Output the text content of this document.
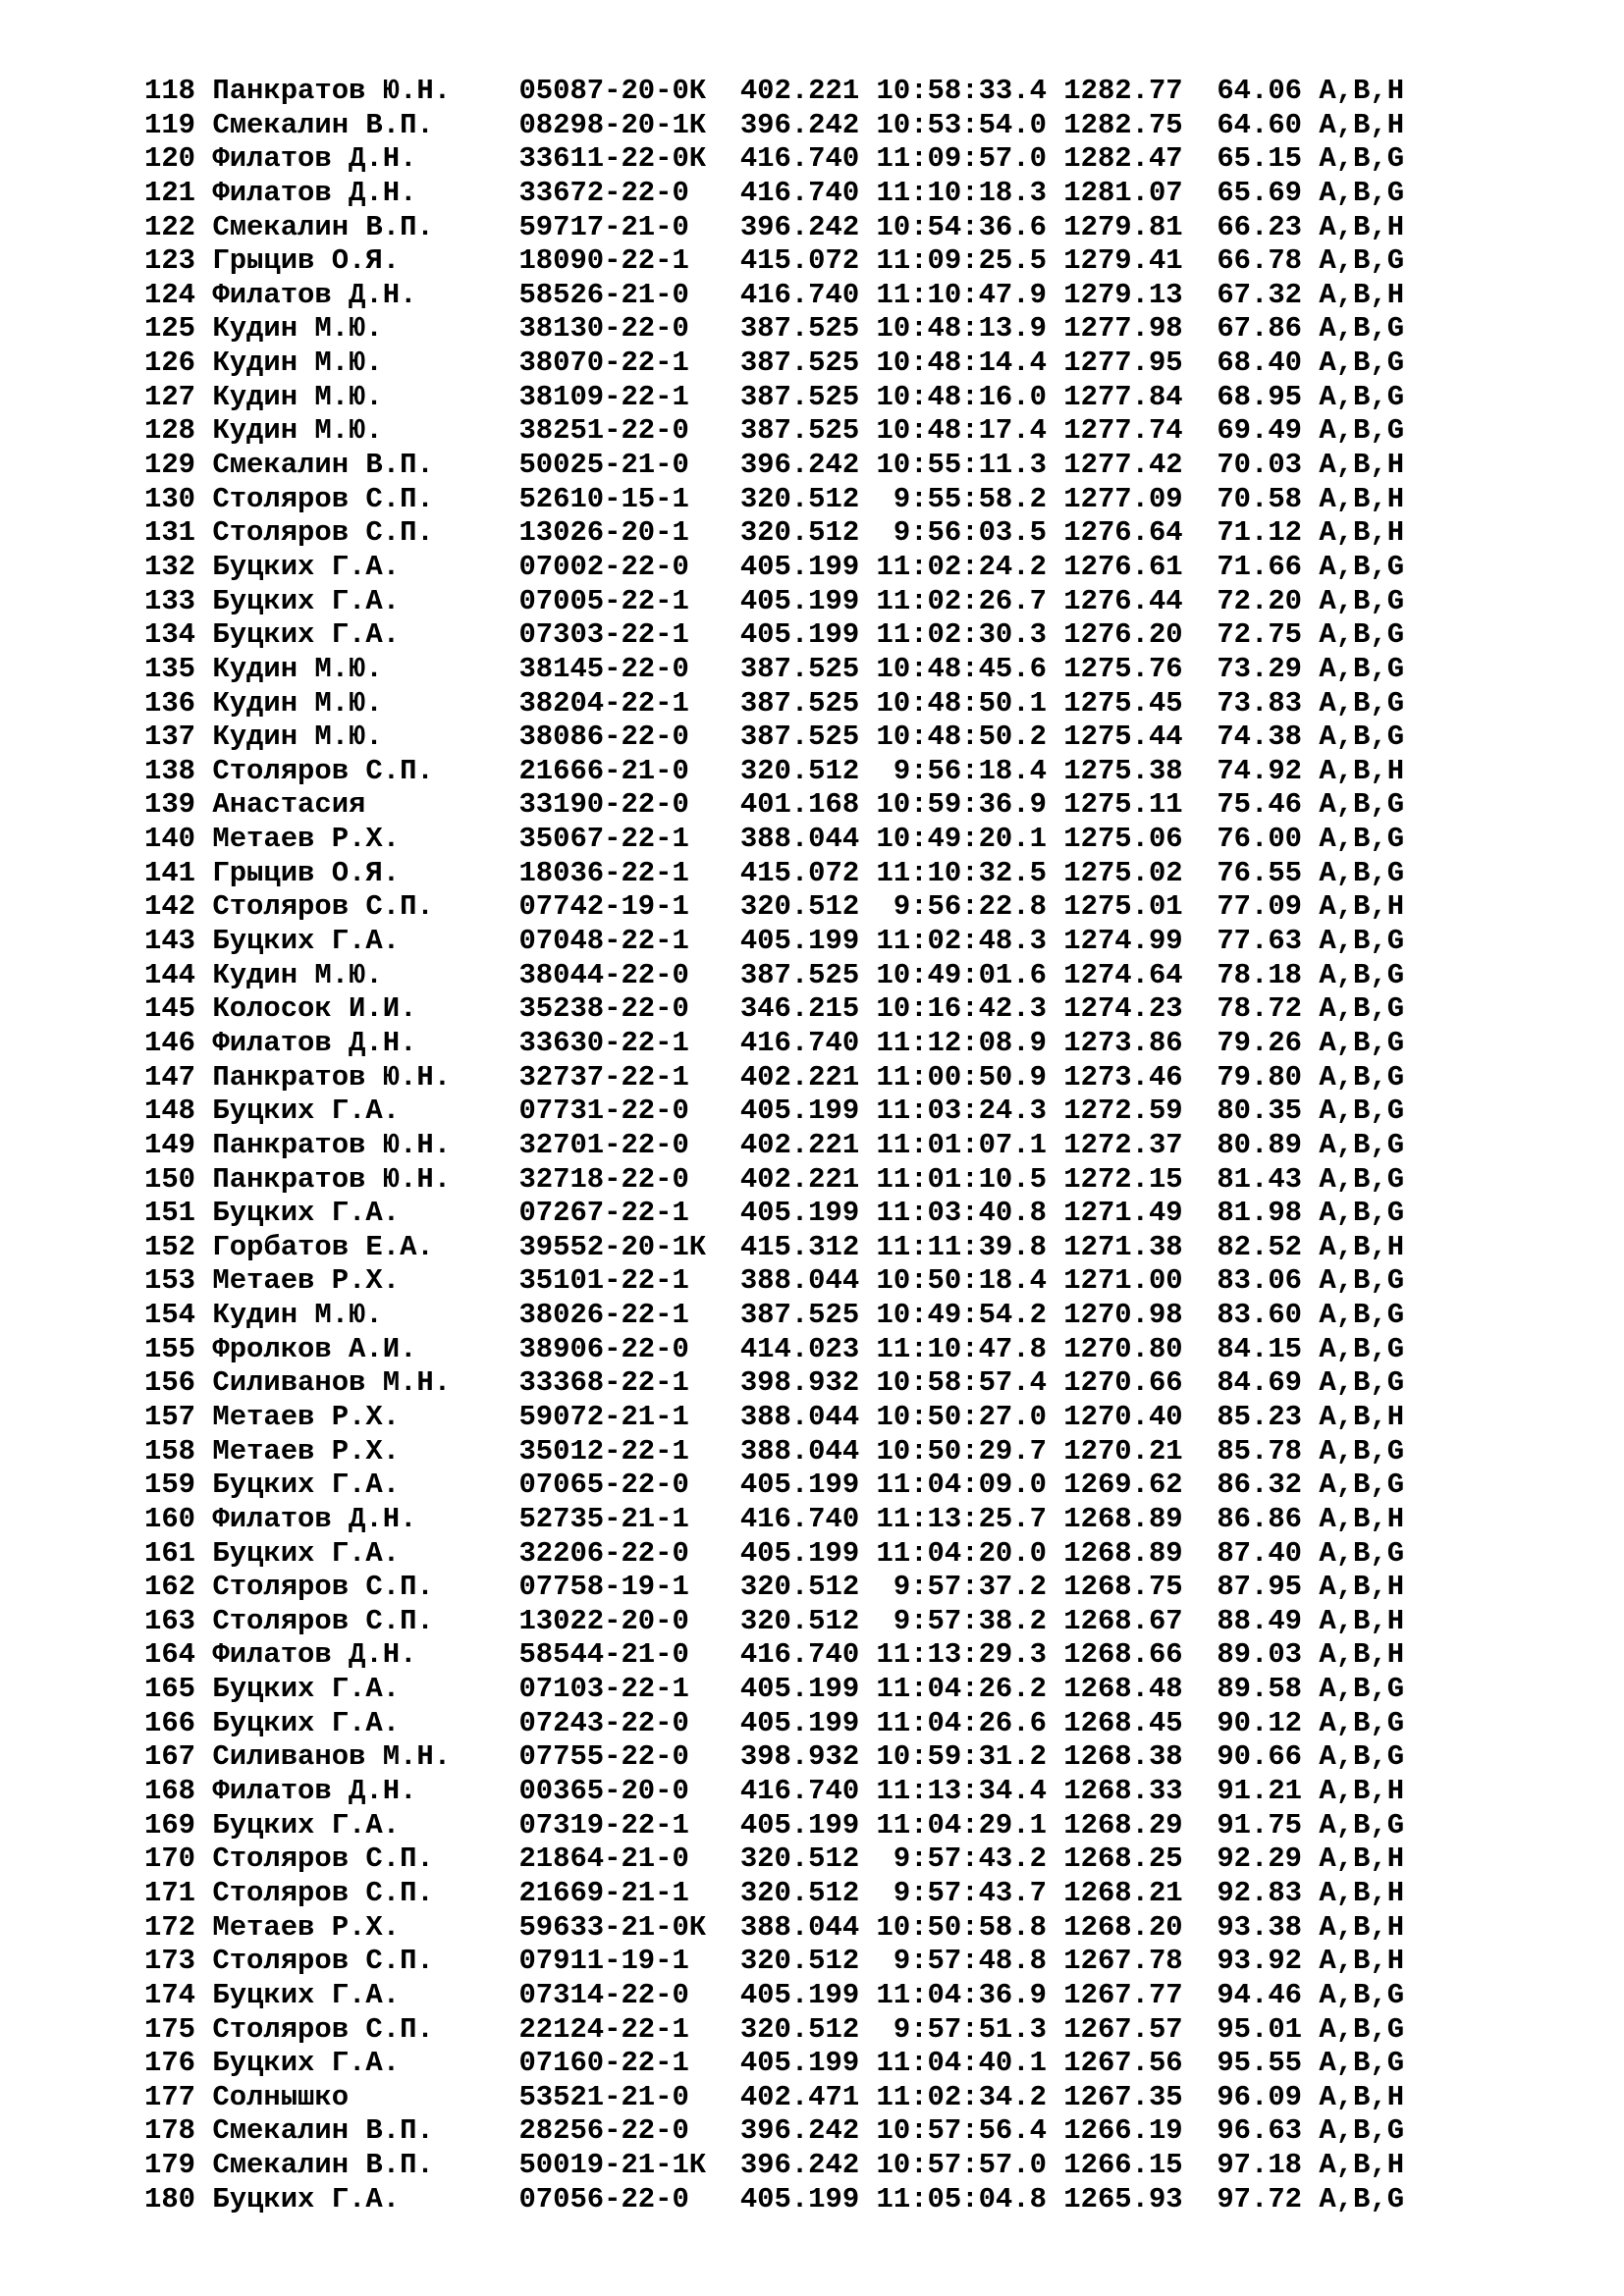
118 Панкратов Ю.Н.    05087-20-0К  402.221 10:58:33.4 1282.77  64.06 A,B,H
119 Смекалин В.П.     08298-20-1К  396.242 10:53:54.0 1282.75  64.60 A,B,H
120 Филатов Д.Н.      33611-22-0К  416.740 11:09:57.0 1282.47  65.15 A,B,G
121 Филатов Д.Н.      33672-22-0   416.740 11:10:18.3 1281.07  65.69 A,B,G
122 Смекалин В.П.     59717-21-0   396.242 10:54:36.6 1279.81  66.23 A,B,H
123 Грыцив О.Я.       18090-22-1   415.072 11:09:25.5 1279.41  66.78 A,B,G
124 Филатов Д.Н.      58526-21-0   416.740 11:10:47.9 1279.13  67.32 A,B,H
125 Кудин М.Ю.        38130-22-0   387.525 10:48:13.9 1277.98  67.86 A,B,G
126 Кудин М.Ю.        38070-22-1   387.525 10:48:14.4 1277.95  68.40 A,B,G
127 Кудин М.Ю.        38109-22-1   387.525 10:48:16.0 1277.84  68.95 A,B,G
128 Кудин М.Ю.        38251-22-0   387.525 10:48:17.4 1277.74  69.49 A,B,G
129 Смекалин В.П.     50025-21-0   396.242 10:55:11.3 1277.42  70.03 A,B,H
130 Столяров С.П.     52610-15-1   320.512  9:55:58.2 1277.09  70.58 A,B,H
131 Столяров С.П.     13026-20-1   320.512  9:56:03.5 1276.64  71.12 A,B,H
132 Буцких Г.А.       07002-22-0   405.199 11:02:24.2 1276.61  71.66 A,B,G
133 Буцких Г.А.       07005-22-1   405.199 11:02:26.7 1276.44  72.20 A,B,G
134 Буцких Г.А.       07303-22-1   405.199 11:02:30.3 1276.20  72.75 A,B,G
135 Кудин М.Ю.        38145-22-0   387.525 10:48:45.6 1275.76  73.29 A,B,G
136 Кудин М.Ю.        38204-22-1   387.525 10:48:50.1 1275.45  73.83 A,B,G
137 Кудин М.Ю.        38086-22-0   387.525 10:48:50.2 1275.44  74.38 A,B,G
138 Столяров С.П.     21666-21-0   320.512  9:56:18.4 1275.38  74.92 A,B,H
139 Анастасия         33190-22-0   401.168 10:59:36.9 1275.11  75.46 A,B,G
140 Метаев Р.Х.       35067-22-1   388.044 10:49:20.1 1275.06  76.00 A,B,G
141 Грыцив О.Я.       18036-22-1   415.072 11:10:32.5 1275.02  76.55 A,B,G
142 Столяров С.П.     07742-19-1   320.512  9:56:22.8 1275.01  77.09 A,B,H
143 Буцких Г.А.       07048-22-1   405.199 11:02:48.3 1274.99  77.63 A,B,G
144 Кудин М.Ю.        38044-22-0   387.525 10:49:01.6 1274.64  78.18 A,B,G
145 Колосок И.И.      35238-22-0   346.215 10:16:42.3 1274.23  78.72 A,B,G
146 Филатов Д.Н.      33630-22-1   416.740 11:12:08.9 1273.86  79.26 A,B,G
147 Панкратов Ю.Н.    32737-22-1   402.221 11:00:50.9 1273.46  79.80 A,B,G
148 Буцких Г.А.       07731-22-0   405.199 11:03:24.3 1272.59  80.35 A,B,G
149 Панкратов Ю.Н.    32701-22-0   402.221 11:01:07.1 1272.37  80.89 A,B,G
150 Панкратов Ю.Н.    32718-22-0   402.221 11:01:10.5 1272.15  81.43 A,B,G
151 Буцких Г.А.       07267-22-1   405.199 11:03:40.8 1271.49  81.98 A,B,G
152 Горбатов Е.А.     39552-20-1К  415.312 11:11:39.8 1271.38  82.52 A,B,H
153 Метаев Р.Х.       35101-22-1   388.044 10:50:18.4 1271.00  83.06 A,B,G
154 Кудин М.Ю.        38026-22-1   387.525 10:49:54.2 1270.98  83.60 A,B,G
155 Фролков А.И.      38906-22-0   414.023 11:10:47.8 1270.80  84.15 A,B,G
156 Силиванов М.Н.    33368-22-1   398.932 10:58:57.4 1270.66  84.69 A,B,G
157 Метаев Р.Х.       59072-21-1   388.044 10:50:27.0 1270.40  85.23 A,B,H
158 Метаев Р.Х.       35012-22-1   388.044 10:50:29.7 1270.21  85.78 A,B,G
159 Буцких Г.А.       07065-22-0   405.199 11:04:09.0 1269.62  86.32 A,B,G
160 Филатов Д.Н.      52735-21-1   416.740 11:13:25.7 1268.89  86.86 A,B,H
161 Буцких Г.А.       32206-22-0   405.199 11:04:20.0 1268.89  87.40 A,B,G
162 Столяров С.П.     07758-19-1   320.512  9:57:37.2 1268.75  87.95 A,B,H
163 Столяров С.П.     13022-20-0   320.512  9:57:38.2 1268.67  88.49 A,B,H
164 Филатов Д.Н.      58544-21-0   416.740 11:13:29.3 1268.66  89.03 A,B,H
165 Буцких Г.А.       07103-22-1   405.199 11:04:26.2 1268.48  89.58 A,B,G
166 Буцких Г.А.       07243-22-0   405.199 11:04:26.6 1268.45  90.12 A,B,G
167 Силиванов М.Н.    07755-22-0   398.932 10:59:31.2 1268.38  90.66 A,B,G
168 Филатов Д.Н.      00365-20-0   416.740 11:13:34.4 1268.33  91.21 A,B,H
169 Буцких Г.А.       07319-22-1   405.199 11:04:29.1 1268.29  91.75 A,B,G
170 Столяров С.П.     21864-21-0   320.512  9:57:43.2 1268.25  92.29 A,B,H
171 Столяров С.П.     21669-21-1   320.512  9:57:43.7 1268.21  92.83 A,B,H
172 Метаев Р.Х.       59633-21-0К  388.044 10:50:58.8 1268.20  93.38 A,B,H
173 Столяров С.П.     07911-19-1   320.512  9:57:48.8 1267.78  93.92 A,B,H
174 Буцких Г.А.       07314-22-0   405.199 11:04:36.9 1267.77  94.46 A,B,G
175 Столяров С.П.     22124-22-1   320.512  9:57:51.3 1267.57  95.01 A,B,G
176 Буцких Г.А.       07160-22-1   405.199 11:04:40.1 1267.56  95.55 A,B,G
177 Солнышко          53521-21-0   402.471 11:02:34.2 1267.35  96.09 A,B,H
178 Смекалин В.П.     28256-22-0   396.242 10:57:56.4 1266.19  96.63 A,B,G
179 Смекалин В.П.     50019-21-1К  396.242 10:57:57.0 1266.15  97.18 A,B,H
180 Буцких Г.А.       07056-22-0   405.199 11:05:04.8 1265.93  97.72 A,B,G
